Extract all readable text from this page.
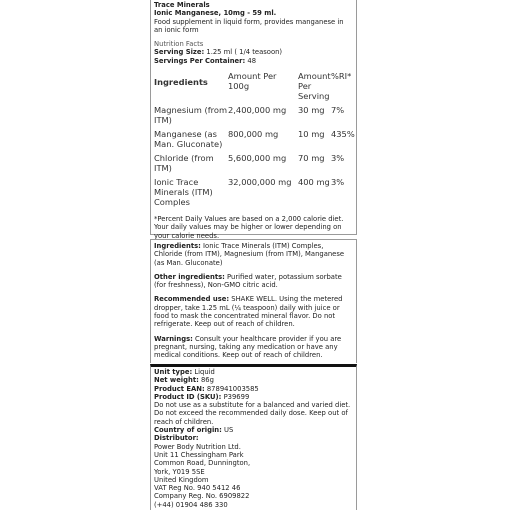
Trace Minerals

Ionic Manganese, 10mg - 59 ml.

Food supplement in liquid form, provides manganese in an ionic form

Nutrition Facts

Serving Size: 1.25 ml ( 1/4 teasoon)

Servings Per Container: 48

Ingredients	Amount Per 100g	Amount Per Serving	%RI*
Magnesium (from ITM)	2,400,000 mg	30 mg	7%
Manganese (as Man. Gluconate)	800,000 mg	10 mg	435%
Chloride (from ITM)	5,600,000 mg	70 mg	3%
Ionic Trace Minerals (ITM) Comples	32,000,000 mg	400 mg	3%

*Percent Daily Values are based on a 2,000 calorie diet. Your daily values may be higher or lower depending on your calorie needs.

Ingredients: Ionic Trace Minerals (ITM) Comples, Chloride (from ITM), Magnesium (from ITM), Manganese (as Man. Gluconate)

Other ingredients: Purified water, potassium sorbate (for freshness), Non-GMO citric acid.

Recommended use: SHAKE WELL. Using the metered dropper, take 1.25 mL (¼ teaspoon) daily with juice or food to mask the concentrated mineral flavor. Do not refrigerate. Keep out of reach of children.

Warnings: Consult your healthcare provider if you are pregnant, nursing, taking any medication or have any medical conditions. Keep out of reach of children.

Unit type: Liquid

Net weight: 86g

Product EAN: 878941003585

Product ID (SKU): P39699

Do not use as a substitute for a balanced and varied diet.

Do not exceed the recommended daily dose. Keep out of reach of children.

Country of origin: US

Distributor:

Power Body Nutrition Ltd.

Unit 11 Chessingham Park

Common Road, Dunnington,

York, Y019 5SE

United Kingdom

VAT Reg No. 940 5412 46

Company Reg. No. 6909822

(+44) 01904 486 330
